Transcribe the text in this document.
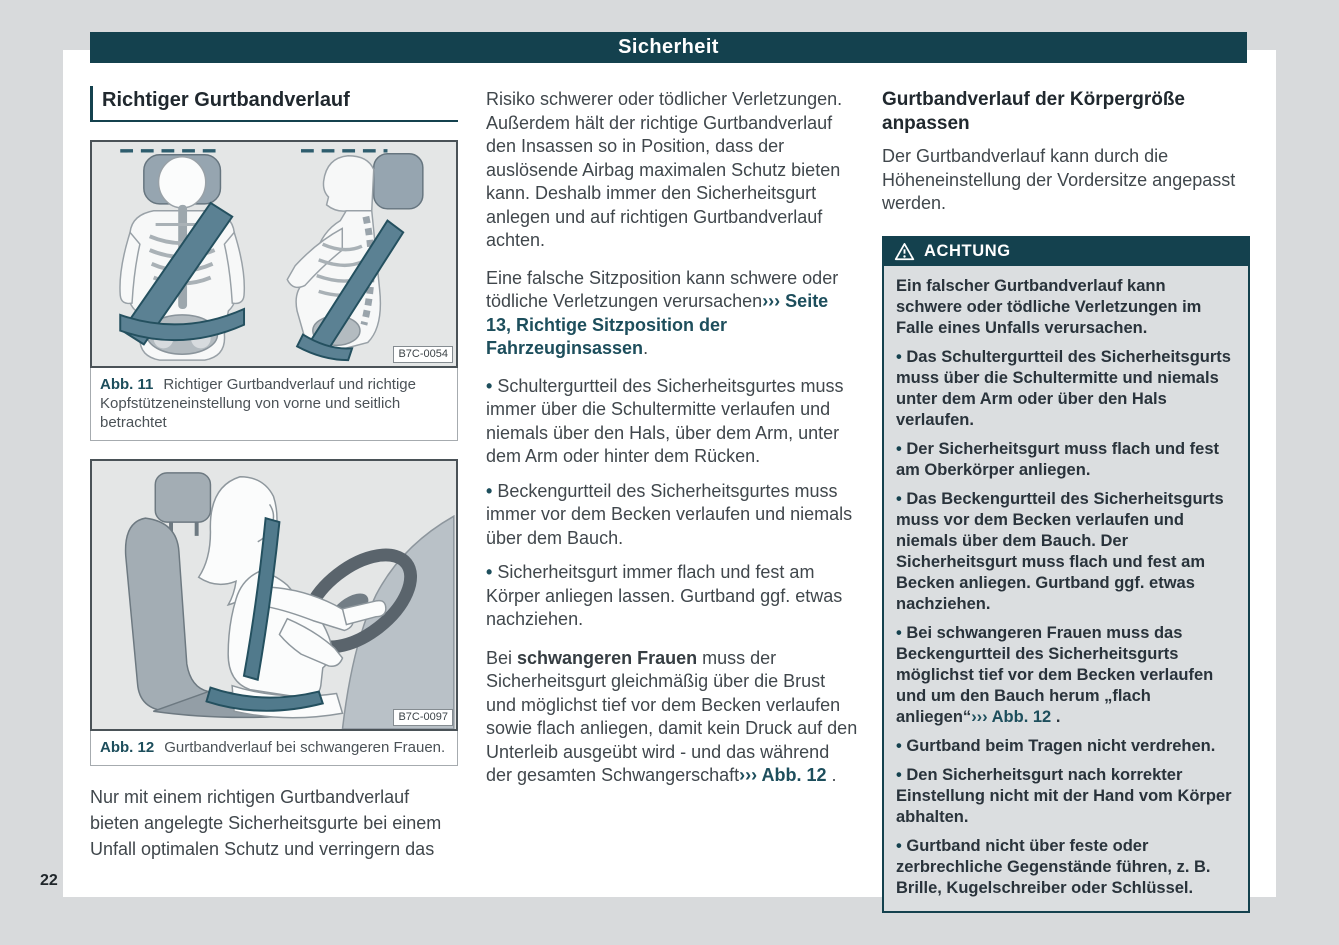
Sicherheit
Richtiger Gurtbandverlauf
B7C-0054
Abb. 11 Richtiger Gurtbandverlauf und richtige Kopfstützeneinstellung von vorne und seitlich betrachtet
B7C-0097
Abb. 12 Gurtbandverlauf bei schwangeren Frauen.

Nur mit einem richtigen Gurtbandverlauf bieten angelegte Sicherheitsgurte bei einem Unfall optimalen Schutz und verringern das

Risiko schwerer oder tödlicher Verletzungen. Außerdem hält der richtige Gurtbandverlauf den Insassen so in Position, dass der auslösende Airbag maximalen Schutz bieten kann. Deshalb immer den Sicherheitsgurt anlegen und auf richtigen Gurtbandverlauf achten.

Eine falsche Sitzposition kann schwere oder tödliche Verletzungen verursachen››› Seite 13, Richtige Sitzposition der Fahrzeuginsassen.

• Schultergurtteil des Sicherheitsgurtes muss immer über die Schultermitte verlaufen und niemals über den Hals, über dem Arm, unter dem Arm oder hinter dem Rücken.

• Beckengurtteil des Sicherheitsgurtes muss immer vor dem Becken verlaufen und niemals über dem Bauch.

• Sicherheitsgurt immer flach und fest am Körper anliegen lassen. Gurtband ggf. etwas nachziehen.

Bei schwangeren Frauen muss der Sicherheitsgurt gleichmäßig über die Brust und möglichst tief vor dem Becken verlaufen sowie flach anliegen, damit kein Druck auf den Unterleib ausgeübt wird - und das während der gesamten Schwangerschaft››› Abb. 12 .

Gurtbandverlauf der Körpergröße anpassen

Der Gurtbandverlauf kann durch die Höheneinstellung der Vordersitze angepasst werden.

ACHTUNG

Ein falscher Gurtbandverlauf kann schwere oder tödliche Verletzungen im Falle eines Unfalls verursachen.

• Das Schultergurtteil des Sicherheitsgurts muss über die Schultermitte und niemals unter dem Arm oder über den Hals verlaufen.

• Der Sicherheitsgurt muss flach und fest am Oberkörper anliegen.

• Das Beckengurtteil des Sicherheitsgurts muss vor dem Becken verlaufen und niemals über dem Bauch. Der Sicherheitsgurt muss flach und fest am Becken anliegen. Gurtband ggf. etwas nachziehen.

• Bei schwangeren Frauen muss das Beckengurtteil des Sicherheitsgurts möglichst tief vor dem Becken verlaufen und um den Bauch herum „flach anliegen“››› Abb. 12 .

• Gurtband beim Tragen nicht verdrehen.

• Den Sicherheitsgurt nach korrekter Einstellung nicht mit der Hand vom Körper abhalten.

• Gurtband nicht über feste oder zerbrechliche Gegenstände führen, z. B. Brille, Kugelschreiber oder Schlüssel.

22
